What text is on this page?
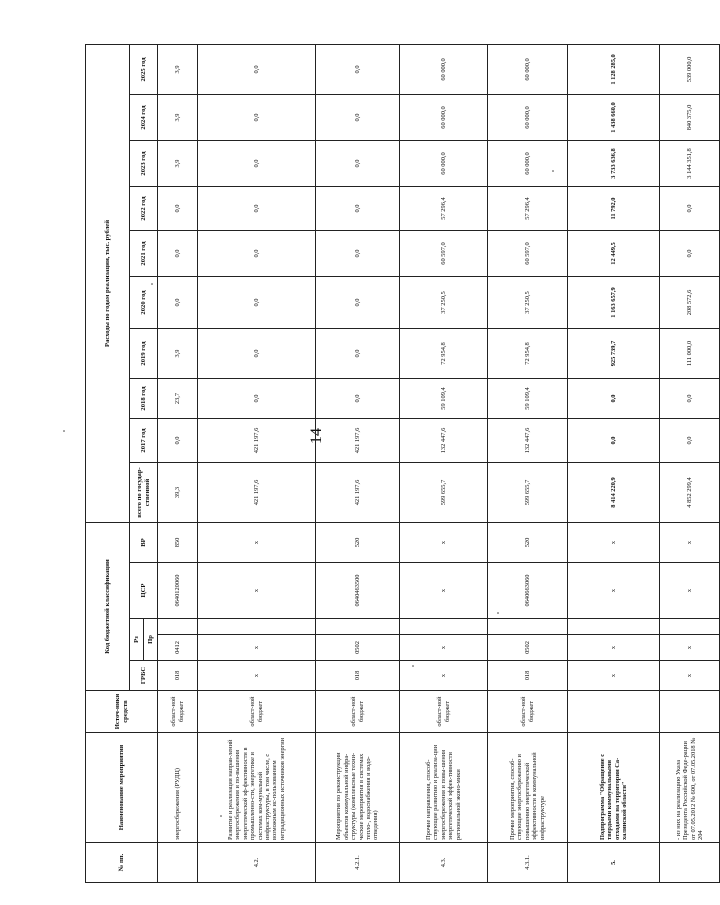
14
№ пп.	Наименование мероприятия	Источ-ники средств	Код бюджетной классификации					Расходы по годам реализации, тыс. рублей									
			ГРБС	Рз		ЦСР	ВР	всего по государ-ственной	2017 год	2018 год	2019 год	2020 год	2021 год	2022 год	2023 год	2024 год	2025 год
				Пр													
	энергосбережения (РУДЦ)	област-ной бюджет	018	0412		0640120060	850	39,3	0,0	23,7	3,9	0,0	0,0	0,0	3,9	3,9	3,9
4.2.	Развитие и реализация направ-лений энергосбережения и по-вышения энергетической эф-фективности в промышленно-сти, энергетике и системах ком-мунальной инфраструктуры, в том числе, с возможным ис-пользованием нетрадиционных источников энергии	област-ной бюджет	х	х		х	х	421 197,6	421 197,6	0,0	0,0	0,0	0,0	0,0	0,0	0,0	0,0
4.2.1.	Мероприятия по реконструкции объектов коммунальной инфра-структуры (комплексные техни-ческие мероприятия в системах тепло-, водоснабжения и водо-отведения)	област-ной бюджет	018	0502		0640463500	520	421 197,6	421 197,6	0,0	0,0	0,0	0,0	0,0	0,0	0,0	0,0
4.3.	Прочие направления, способ-ствующие развитию и реализа-ции энергосбережения и повы-шения энергетической эффек-тивности региональной эконо-мики	област-ной бюджет	х	х		х	х	599 655,7	132 447,6	59 109,4	72 954,8	37 250,5	60 597,0	57 296,4	60 000,0	60 000,0	60 000,0
4.3.1.	Прочие мероприятия, способ-ствующие энергосбережению и повышению энергетической эффективности в коммунальной инфраструктуре	област-ной бюджет	018	0502		0640663060	520	599 655,7	132 447,6	59 109,4	72 954,8	37 250,5	60 597,0	57 296,4	60 000,0	60 000,0	60 000,0
5.	Подпрограмма "Обращение с твердыми коммунальными отходами на территории Са-халинской области"		х	х		х	х	8 414 220,9	0,0	0,0	925 739,7	1 163 657,9	12 449,5	11 792,0	3 733 636,8	1 438 660,0	1 128 285,0
	- из них на реализацию Указа Президента Российской Феде-рации от 07.05.2012 № 600, от 07.05.2018 № 204		х	х		х	х	4 852 299,4	0,0	0,0	111 000,0	208 572,6	0,0	0,0	3 144 351,8	840 375,0	539 000,0
